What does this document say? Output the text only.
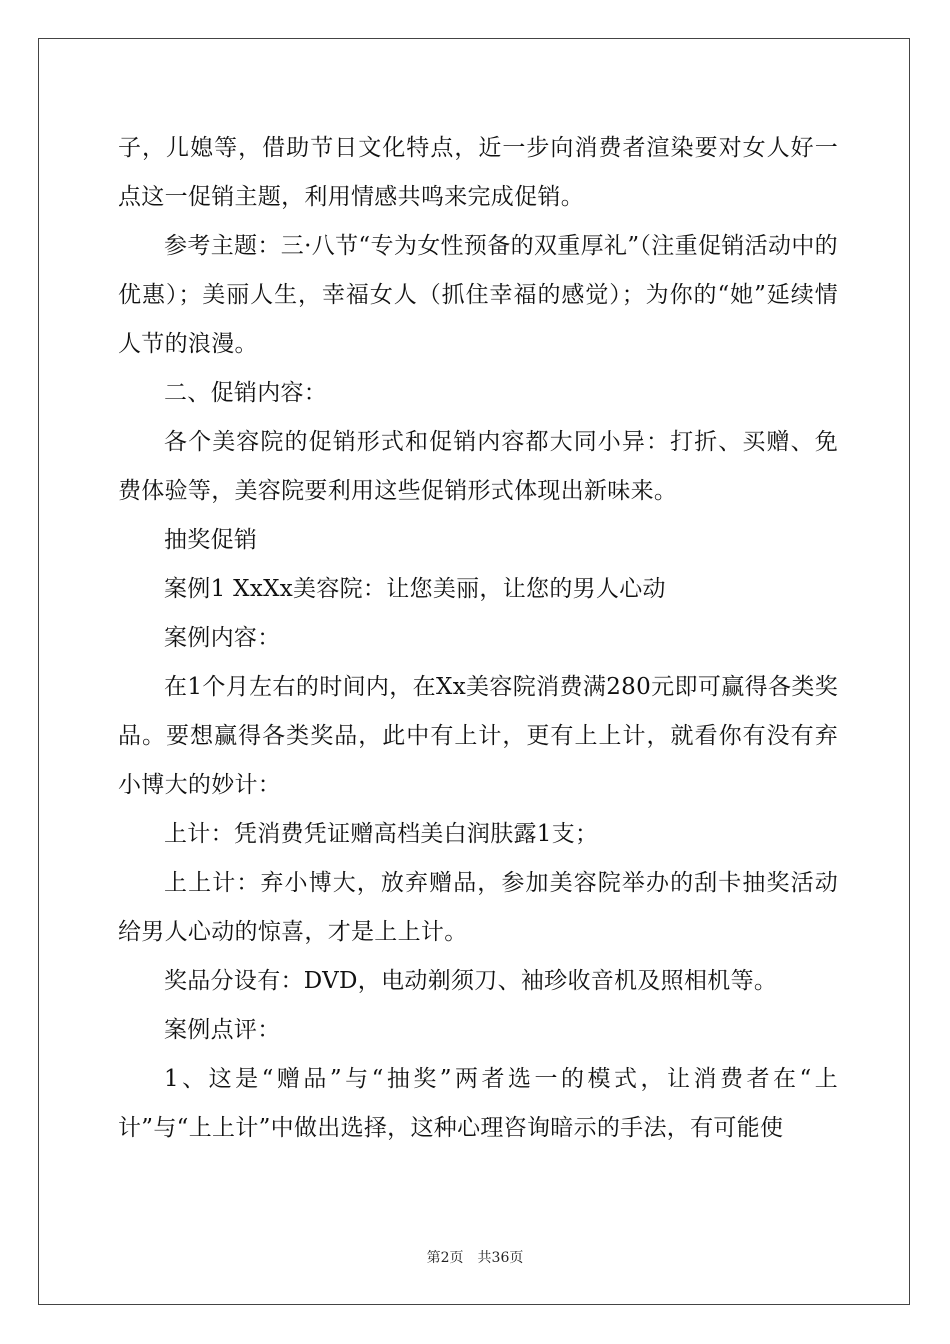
子，儿媳等，借助节日文化特点，近一步向消费者渲染要对女人好一点这一促销主题，利用情感共鸣来完成促销。

参考主题：三·八节“专为女性预备的双重厚礼”（注重促销活动中的优惠）；美丽人生，幸福女人（抓住幸福的感觉）；为你的“她”延续情人节的浪漫。

二、促销内容：

各个美容院的促销形式和促销内容都大同小异：打折、买赠、免费体验等，美容院要利用这些促销形式体现出新味来。

抽奖促销

案例1 XxXx美容院：让您美丽，让您的男人心动

案例内容：

在1个月左右的时间内，在Xx美容院消费满280元即可赢得各类奖品。要想赢得各类奖品，此中有上计，更有上上计，就看你有没有弃小博大的妙计：

上计：凭消费凭证赠高档美白润肤露1支；

上上计：弃小博大，放弃赠品，参加美容院举办的刮卡抽奖活动给男人心动的惊喜，才是上上计。

奖品分设有：DVD，电动剃须刀、袖珍收音机及照相机等。

案例点评：

1、这是“赠品”与“抽奖”两者选一的模式，让消费者在“上计”与“上上计”中做出选择，这种心理咨询暗示的手法，有可能使

第2页　共36页
